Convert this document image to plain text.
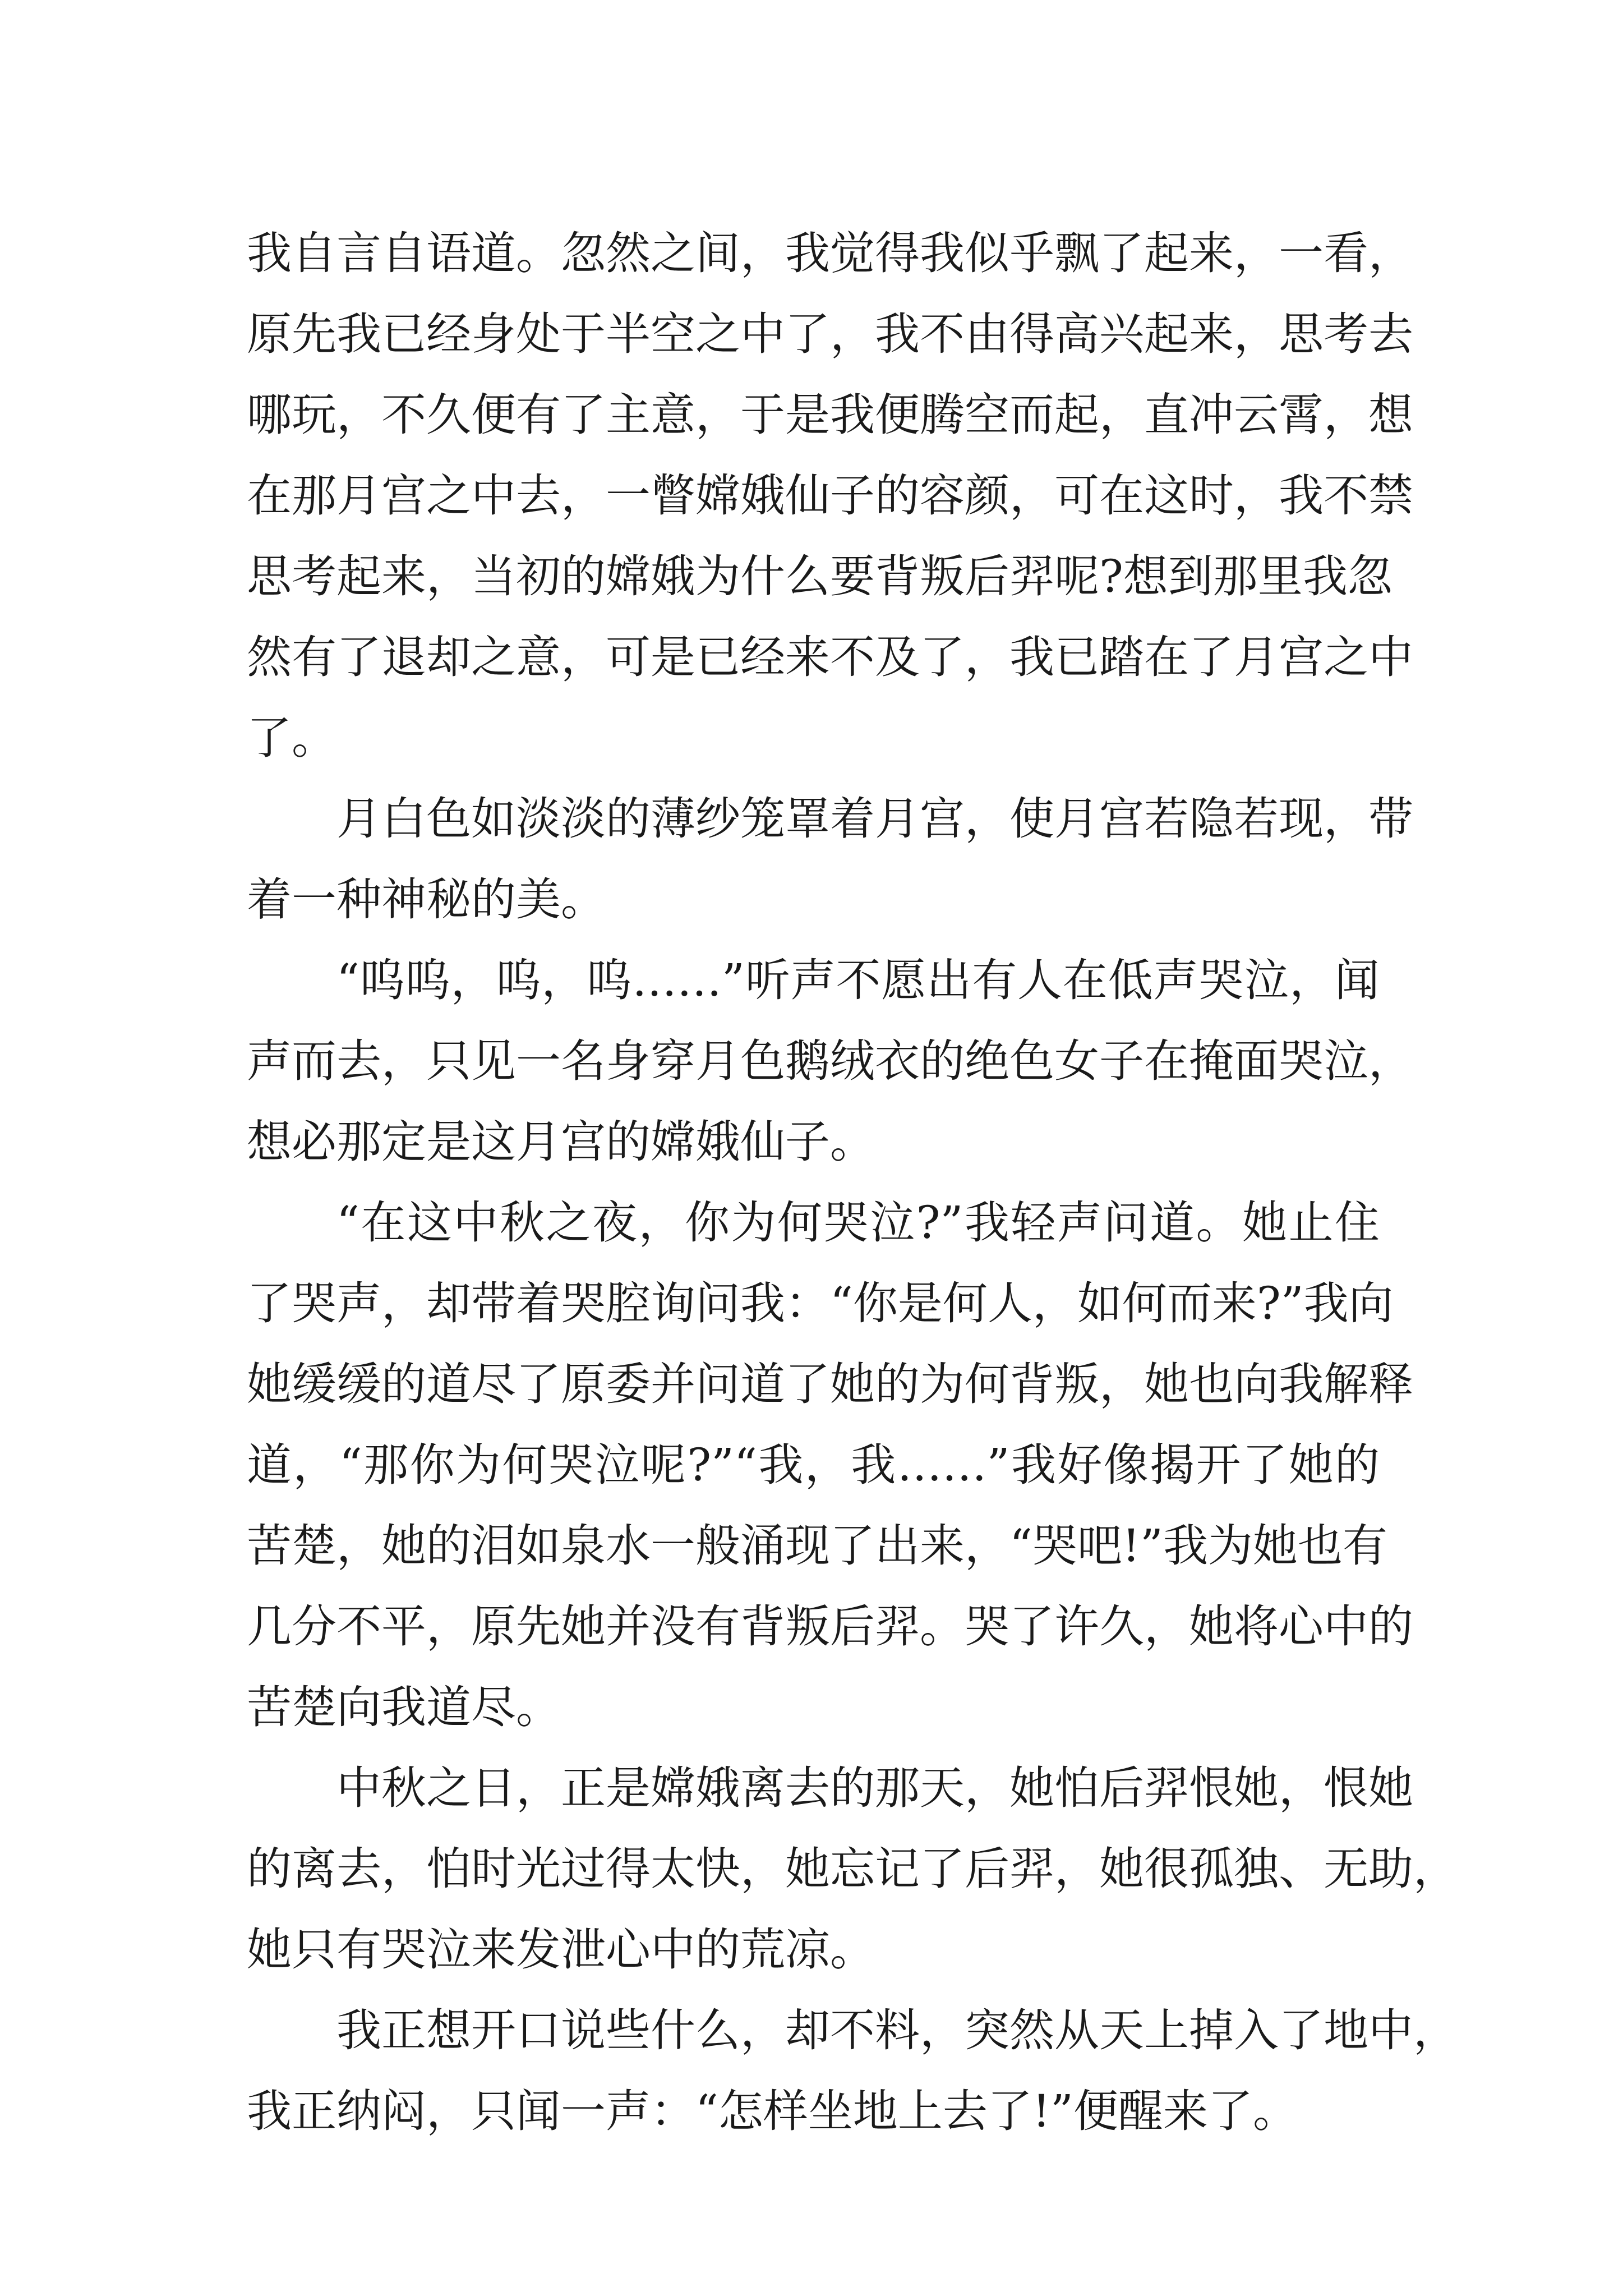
我自言自语道。忽然之间，我觉得我似乎飘了起来，一看，
原先我已经身处于半空之中了，我不由得高兴起来，思考去
哪玩，不久便有了主意，于是我便腾空而起，直冲云霄，想
在那月宫之中去，一瞥嫦娥仙子的容颜，可在这时，我不禁
思考起来，当初的嫦娥为什么要背叛后羿呢?想到那里我忽
然有了退却之意，可是已经来不及了，我已踏在了月宫之中
了。
月白色如淡淡的薄纱笼罩着月宫，使月宫若隐若现，带
着一种神秘的美。
“呜呜，呜，呜……”听声不愿出有人在低声哭泣，闻
声而去，只见一名身穿月色鹅绒衣的绝色女子在掩面哭泣，
想必那定是这月宫的嫦娥仙子。
“在这中秋之夜，你为何哭泣?”我轻声问道。她止住
了哭声，却带着哭腔询问我：“你是何人，如何而来?”我向
她缓缓的道尽了原委并问道了她的为何背叛，她也向我解释
道，“那你为何哭泣呢?”“我，我……”我好像揭开了她的
苦楚，她的泪如泉水一般涌现了出来，“哭吧!”我为她也有
几分不平，原先她并没有背叛后羿。哭了许久，她将心中的
苦楚向我道尽。
中秋之日，正是嫦娥离去的那天，她怕后羿恨她，恨她
的离去，怕时光过得太快，她忘记了后羿，她很孤独、无助，
她只有哭泣来发泄心中的荒凉。
我正想开口说些什么，却不料，突然从天上掉入了地中，
我正纳闷，只闻一声：“怎样坐地上去了!”便醒来了。
